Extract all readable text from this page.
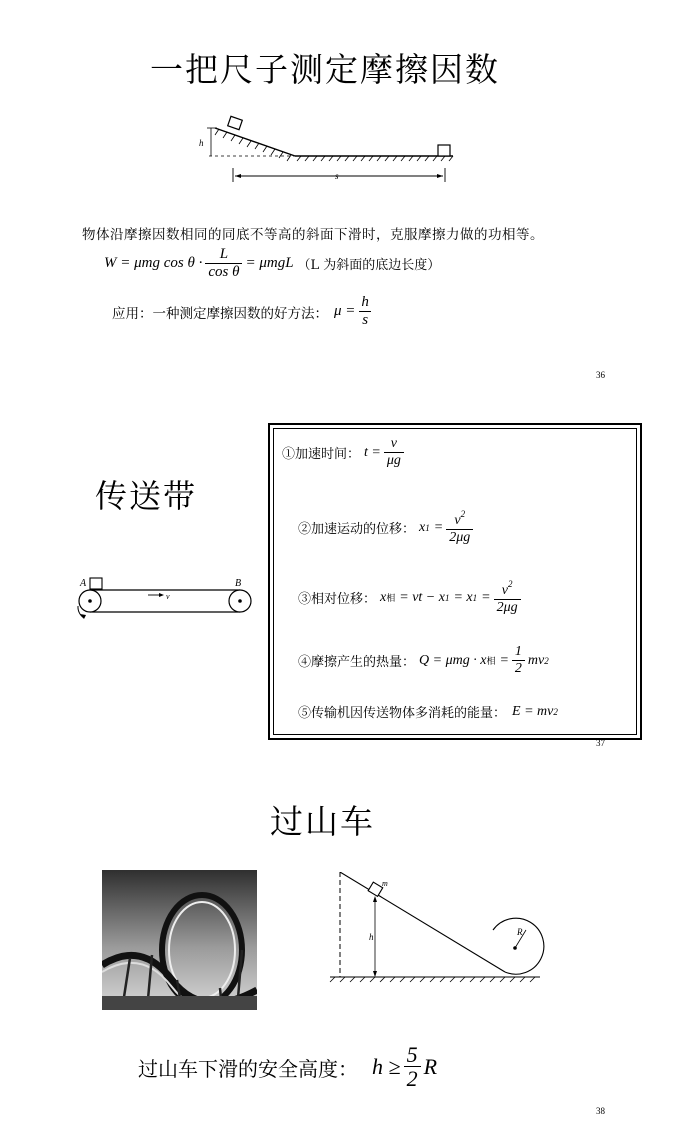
一把尺子测定摩擦因数
h
s
物体沿摩擦因数相同的同底不等高的斜面下滑时，克服摩擦力做的功相等。
W = μmg $\cos \theta \cdot \frac{L}{\text{cos θ}} = \mu mgL$ （L 为斜面的底边长度）
应用：一种测定摩擦因数的好方法： $\mu = \frac{h}{s}$
36
传送带
A	B
v
①加速时间： $t = \frac{v}{\mu g}$
②加速运动的位移： x $1 = \frac{v^2}{2\mu g}$
③相对位移： x 相 = vt − x 1 = x $1 = \frac{v^2}{2\mu g}$
④摩擦产生的热量： Q = μmg · x 相 = $\frac{1}{2}$ mv 2
⑤传输机因传送物体多消耗的能量： E = mv 2
37
过山车
R
m
h
过山车下滑的安全高度： $h \ge \frac{5}{2}$ R
38
